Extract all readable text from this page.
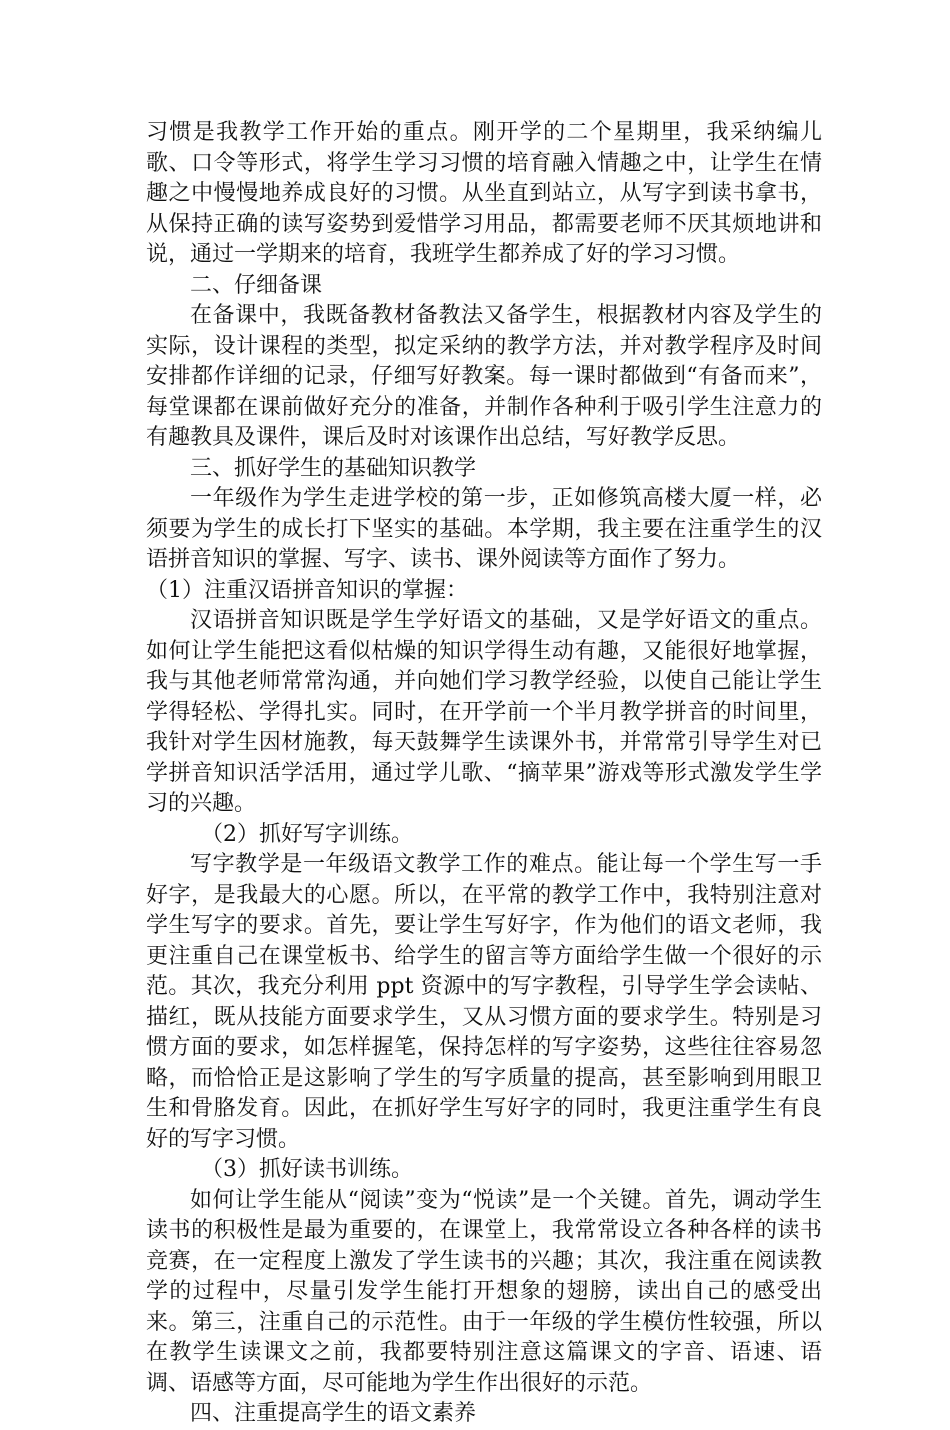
习惯是我教学工作开始的重点。刚开学的二个星期里，我采纳编儿歌、口令等形式，将学生学习习惯的培育融入情趣之中，让学生在情趣之中慢慢地养成良好的习惯。从坐直到站立，从写字到读书拿书，从保持正确的读写姿势到爱惜学习用品，都需要老师不厌其烦地讲和说，通过一学期来的培育，我班学生都养成了好的学习习惯。

二、仔细备课

在备课中，我既备教材备教法又备学生，根据教材内容及学生的实际，设计课程的类型，拟定采纳的教学方法，并对教学程序及时间安排都作详细的记录，仔细写好教案。每一课时都做到“有备而来”，每堂课都在课前做好充分的准备，并制作各种利于吸引学生注意力的有趣教具及课件，课后及时对该课作出总结，写好教学反思。

三、抓好学生的基础知识教学

一年级作为学生走进学校的第一步，正如修筑高楼大厦一样，必须要为学生的成长打下坚实的基础。本学期，我主要在注重学生的汉语拼音知识的掌握、写字、读书、课外阅读等方面作了努力。

（1）注重汉语拼音知识的掌握：

汉语拼音知识既是学生学好语文的基础，又是学好语文的重点。如何让学生能把这看似枯燥的知识学得生动有趣，又能很好地掌握，我与其他老师常常沟通，并向她们学习教学经验，以使自己能让学生学得轻松、学得扎实。同时，在开学前一个半月教学拼音的时间里，我针对学生因材施教，每天鼓舞学生读课外书，并常常引导学生对已学拼音知识活学活用，通过学儿歌、“摘苹果”游戏等形式激发学生学习的兴趣。

（2）抓好写字训练。

写字教学是一年级语文教学工作的难点。能让每一个学生写一手好字，是我最大的心愿。所以，在平常的教学工作中，我特别注意对学生写字的要求。首先，要让学生写好字，作为他们的语文老师，我更注重自己在课堂板书、给学生的留言等方面给学生做一个很好的示范。其次，我充分利用 ppt 资源中的写字教程，引导学生学会读帖、描红，既从技能方面要求学生，又从习惯方面的要求学生。特别是习惯方面的要求，如怎样握笔，保持怎样的写字姿势，这些往往容易忽略，而恰恰正是这影响了学生的写字质量的提高，甚至影响到用眼卫生和骨胳发育。因此，在抓好学生写好字的同时，我更注重学生有良好的写字习惯。

（3）抓好读书训练。

如何让学生能从“阅读”变为“悦读”是一个关键。首先，调动学生读书的积极性是最为重要的，在课堂上，我常常设立各种各样的读书竞赛，在一定程度上激发了学生读书的兴趣；其次，我注重在阅读教学的过程中，尽量引发学生能打开想象的翅膀，读出自己的感受出来。第三，注重自己的示范性。由于一年级的学生模仿性较强，所以在教学生读课文之前，我都要特别注意这篇课文的字音、语速、语调、语感等方面，尽可能地为学生作出很好的示范。

四、注重提高学生的语文素养
